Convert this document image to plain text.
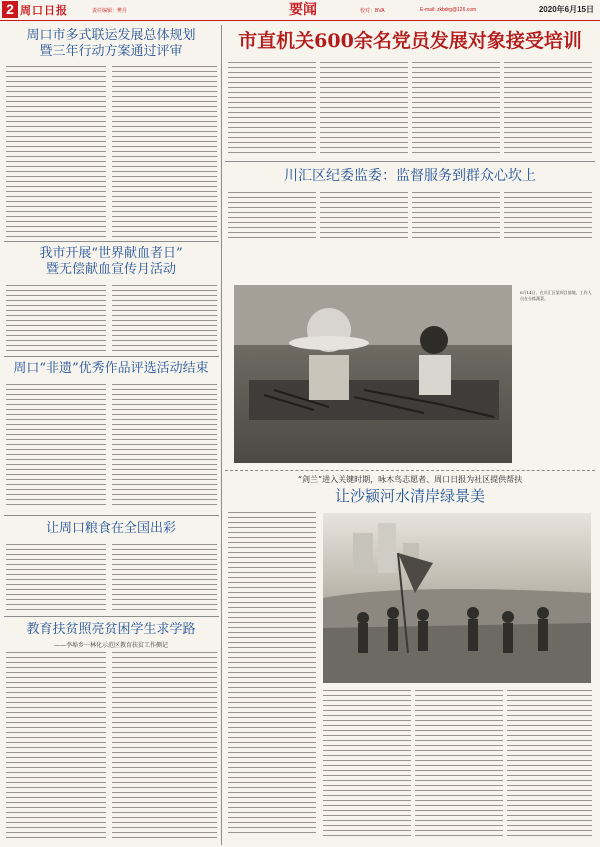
2 周口日报	责任编辑：樊丹	要闻	校对：BVA	E-mail: zkbdrg@126.com	2020年6月15日
周口市多式联运发展总体规划
暨三年行动方案通过评审
我市开展“世界献血者日”
暨无偿献血宣传月活动
周口“非遗”优秀作品评选活动结束
让周口粮食在全国出彩
教育扶贫照亮贫困学生求学路
——李埠乡一林化示范区教育扶贫工作侧记
市直机关600余名党员发展对象接受培训
川汇区纪委监委：监督服务到群众心坎上
6月14日，在川汇区某项目基地，工作人员在分拣蔬菜。
“剑兰”进入关键时期，咏木鸟志愿者、周口日报为社区提供帮扶
让沙颍河水清岸绿景美
